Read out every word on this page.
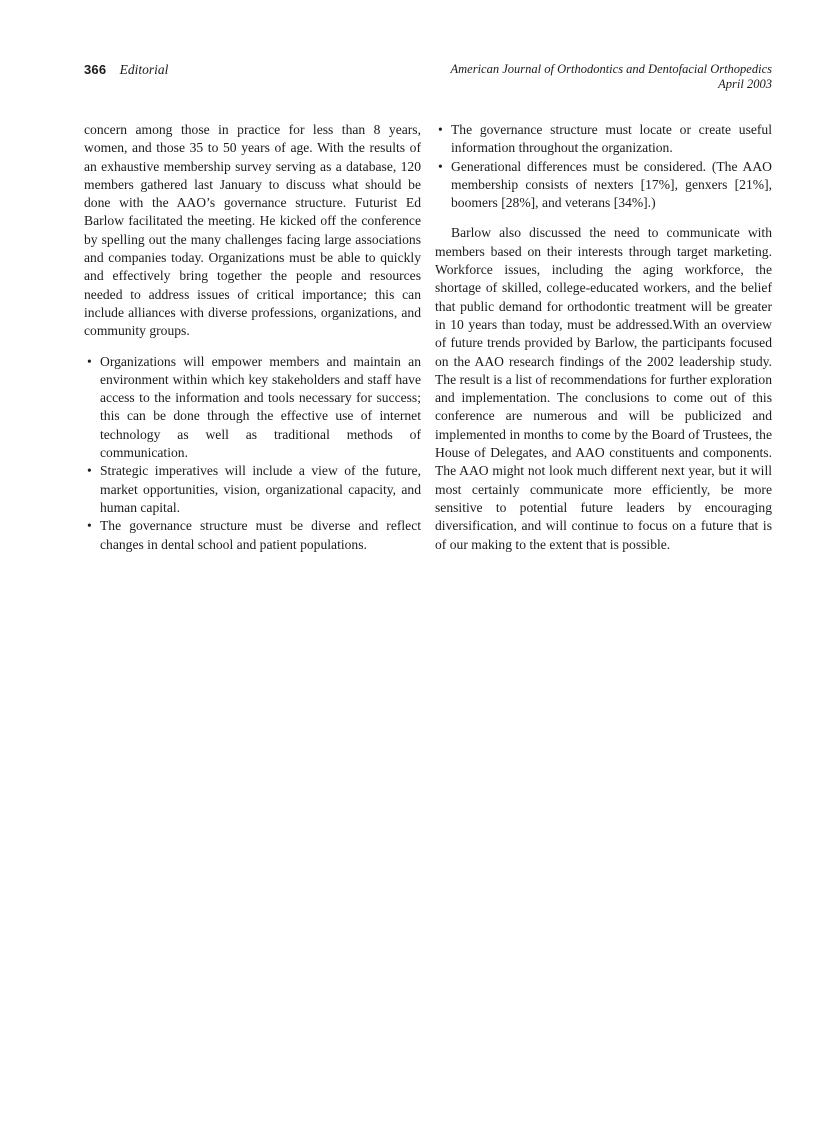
366 Editorial	American Journal of Orthodontics and Dentofacial Orthopedics
April 2003

concern among those in practice for less than 8 years, women, and those 35 to 50 years of age. With the results of an exhaustive membership survey serving as a database, 120 members gathered last January to discuss what should be done with the AAO’s governance structure. Futurist Ed Barlow facilitated the meeting. He kicked off the conference by spelling out the many challenges facing large associations and companies today. Organizations must be able to quickly and effectively bring together the people and resources needed to address issues of critical importance; this can include alliances with diverse professions, organizations, and community groups.

• Organizations will empower members and maintain an environment within which key stakeholders and staff have access to the information and tools necessary for success; this can be done through the effective use of internet technology as well as traditional methods of communication.
• Strategic imperatives will include a view of the future, market opportunities, vision, organizational capacity, and human capital.
• The governance structure must be diverse and reflect changes in dental school and patient populations.
• The governance structure must locate or create useful information throughout the organization.
• Generational differences must be considered. (The AAO membership consists of nexters [17%], genxers [21%], boomers [28%], and veterans [34%].)

Barlow also discussed the need to communicate with members based on their interests through target marketing. Workforce issues, including the aging workforce, the shortage of skilled, college-educated workers, and the belief that public demand for orthodontic treatment will be greater in 10 years than today, must be addressed.With an overview of future trends provided by Barlow, the participants focused on the AAO research findings of the 2002 leadership study. The result is a list of recommendations for further exploration and implementation. The conclusions to come out of this conference are numerous and will be publicized and implemented in months to come by the Board of Trustees, the House of Delegates, and AAO constituents and components. The AAO might not look much different next year, but it will most certainly communicate more efficiently, be more sensitive to potential future leaders by encouraging diversification, and will continue to focus on a future that is of our making to the extent that is possible.
